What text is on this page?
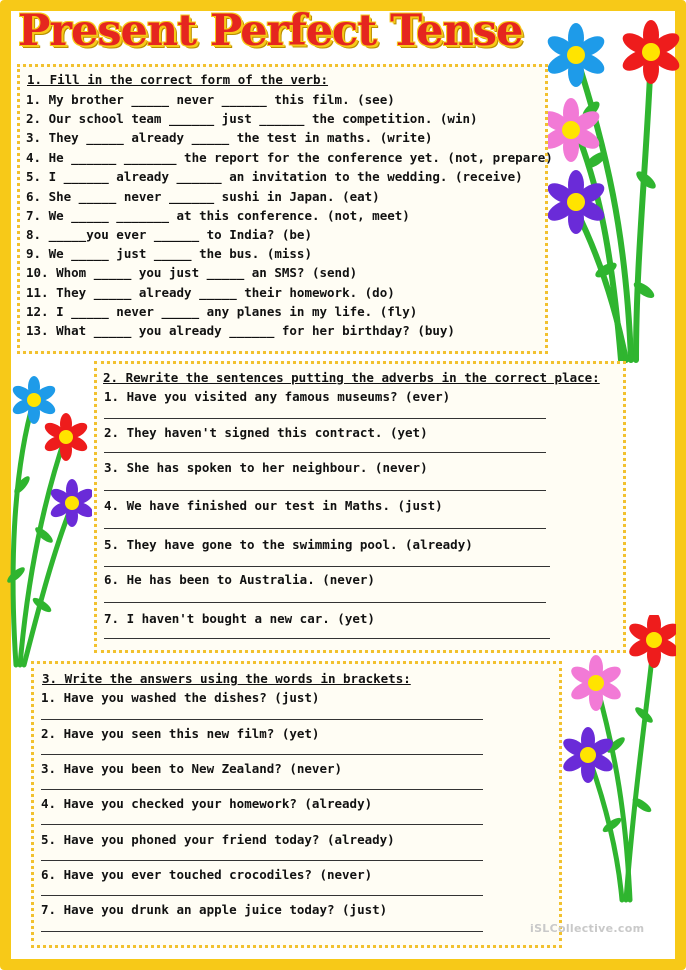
Present Perfect Tense
1. Fill in the correct form of the verb:
1. My brother _____ never ______ this film. (see)
2. Our school team ______ just ______ the competition. (win)
3. They _____ already _____ the test in maths. (write)
4. He ______ _______ the report for the conference yet. (not, prepare)
5. I ______ already ______ an invitation to the wedding. (receive)
6. She _____ never ______ sushi in Japan. (eat)
7. We _____ _______ at this conference. (not, meet)
8. _____you ever ______ to India? (be)
9. We _____ just _____ the bus. (miss)
10. Whom _____ you just _____ an SMS? (send)
11. They _____ already _____ their homework. (do)
12. I _____ never _____ any planes in my life. (fly)
13. What _____ you already ______ for her birthday? (buy)
2. Rewrite the sentences putting the adverbs in the correct place:
1. Have you visited any famous museums? (ever)
2. They haven't signed this contract. (yet)
3. She has spoken to her neighbour. (never)
4. We have finished our test in Maths. (just)
5. They have gone to the swimming pool. (already)
6. He has been to Australia. (never)
7. I haven't bought a new car. (yet)
3. Write the answers using the words in brackets:
1. Have you washed the dishes? (just)
2. Have you seen this new film? (yet)
3. Have you been to New Zealand? (never)
4. Have you checked your homework? (already)
5. Have you phoned your friend today? (already)
6. Have you ever touched crocodiles? (never)
7. Have you drunk an apple juice today? (just)
iSLCollective.com
